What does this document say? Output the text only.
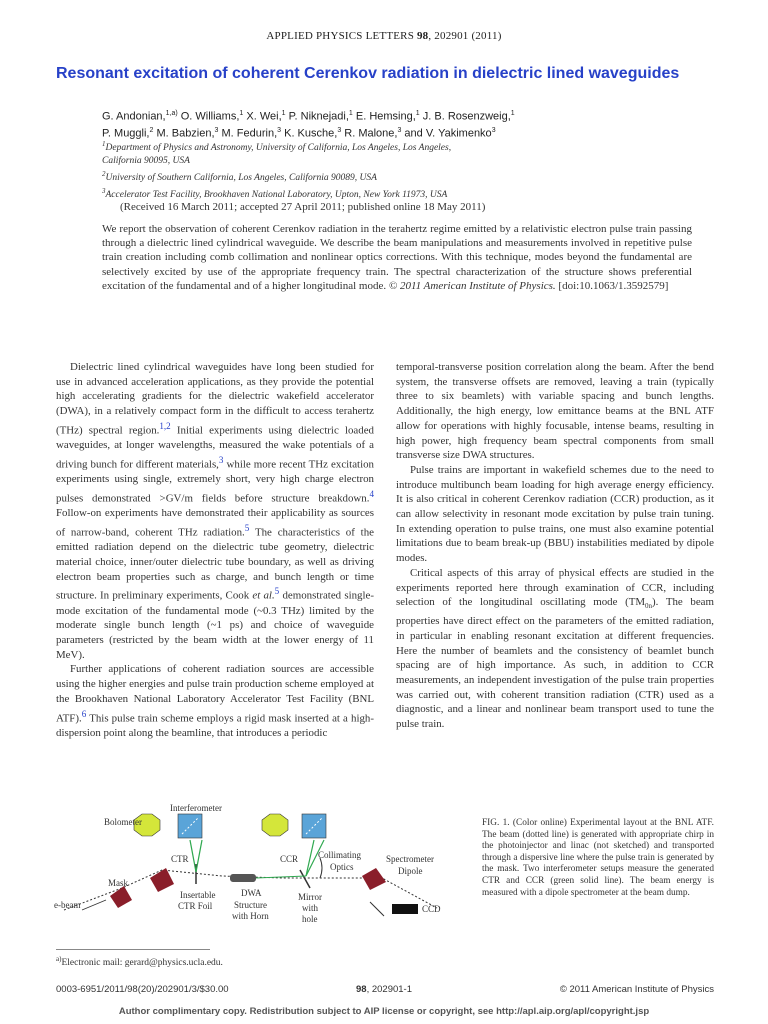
APPLIED PHYSICS LETTERS 98, 202901 (2011)
Resonant excitation of coherent Cerenkov radiation in dielectric lined waveguides
G. Andonian,$^{1,a)}$ O. Williams,$^1$ X. Wei,$^1$ P. Niknejadi,$^1$ E. Hemsing,$^1$ J. B. Rosenzweig,$^1$
P. Muggli,$^2$ M. Babzien,$^3$ M. Fedurin,$^3$ K. Kusche,$^3$ R. Malone,$^3$ and V. Yakimenko$^3$
$^1$Department of Physics and Astronomy, University of California, Los Angeles, Los Angeles,
California 90095, USA
$^2$University of Southern California, Los Angeles, California 90089, USA
$^3$Accelerator Test Facility, Brookhaven National Laboratory, Upton, New York 11973, USA
(Received 16 March 2011; accepted 27 April 2011; published online 18 May 2011)
We report the observation of coherent Cerenkov radiation in the terahertz regime emitted by a relativistic electron pulse train passing through a dielectric lined cylindrical waveguide. We describe the beam manipulations and measurements involved in repetitive pulse train creation including comb collimation and nonlinear optics corrections. With this technique, modes beyond the fundamental are selectively excited by use of the appropriate frequency train. The spectral characterization of the structure shows preferential excitation of the fundamental and of a higher longitudinal mode. © 2011 American Institute of Physics. [doi:10.1063/1.3592579]

Dielectric lined cylindrical waveguides have long been studied for use in advanced acceleration applications, as they provide the potential high accelerating gradients for the dielectric wakefield accelerator (DWA), in a relatively compact form in the difficult to access terahertz (THz) spectral region.$^{1,2}$ Initial experiments using dielectric loaded waveguides, at longer wavelengths, measured the wake potentials of a driving bunch for different materials,$^3$ while more recent THz excitation experiments using single, extremely short, very high charge electron pulses demonstrated >GV/m fields before structure breakdown.$^4$ Follow-on experiments have demonstrated their applicability as sources of narrow-band, coherent THz radiation.$^5$ The characteristics of the emitted radiation depend on the dielectric tube geometry, dielectric material choice, inner/outer dielectric tube boundary, as well as driving electron beam properties such as charge, and bunch length or time structure. In preliminary experiments, Cook et al.$^5$ demonstrated single-mode excitation of the fundamental mode (~0.3 THz) limited by the moderate single bunch length (~1 ps) and choice of waveguide parameters (restricted by the beam width at the lower energy of 11 MeV).

Further applications of coherent radiation sources are accessible using the higher energies and pulse train production scheme employed at the Brookhaven National Laboratory Accelerator Test Facility (BNL ATF).$^6$ This pulse train scheme employs a rigid mask inserted at a high-dispersion point along the beamline, that introduces a periodic

temporal-transverse position correlation along the beam. After the bend system, the transverse offsets are removed, leaving a train (typically three to six beamlets) with variable spacing and bunch lengths. Additionally, the high energy, low emittance beams at the BNL ATF allow for operations with highly focusable, intense beams, resulting in high power, high frequency beam spectral components from small transverse size DWA structures.

Pulse trains are important in wakefield schemes due to the need to introduce multibunch beam loading for high average energy efficiency. It is also critical in coherent Cerenkov radiation (CCR) production, as it can allow selectivity in resonant mode excitation by pulse train tuning. In extending operation to pulse trains, one must also examine potential limitations due to beam break-up (BBU) instabilities mediated by dipole modes.

Critical aspects of this array of physical effects are studied in the experiments reported here through examination of CCR, including selection of the longitudinal oscillating mode $(TM_{0n})$. The beam properties have direct effect on the parameters of the emitted radiation, in particular in enabling resonant excitation at different frequencies. Here the number of beamlets and the consistency of beamlet bunch spacing are of high importance. As such, in addition to CCR measurements, an independent investigation of the pulse train properties was carried out, with coherent transition radiation (CTR) used as a diagnostic, and a linear and nonlinear beam transport used to tune the pulse train.

Bolometer
Interferometer
CTR	CCR Collimating
Optics
Spectrometer
Dipole
Mask
e-beam
Insertable
CTR Foil
DWA
Structure
with Horn
Mirror
with
hole
CCD
FIG. 1. (Color online) Experimental layout at the BNL ATF. The beam (dotted line) is generated with appropriate chirp in the photoinjector and linac (not sketched) and transported through a dispersive line where the pulse train is generated by the mask. Two interferometer setups measure the generated CTR and CCR (green solid line). The beam energy is measured with a dipole spectrometer at the beam dump.
$^{a)}$Electronic mail: gerard@physics.ucla.edu.
0003-6951/2011/98(20)/202901/3/$30.00	98, 202901-1	© 2011 American Institute of Physics
Author complimentary copy. Redistribution subject to AIP license or copyright, see http://apl.aip.org/apl/copyright.jsp
